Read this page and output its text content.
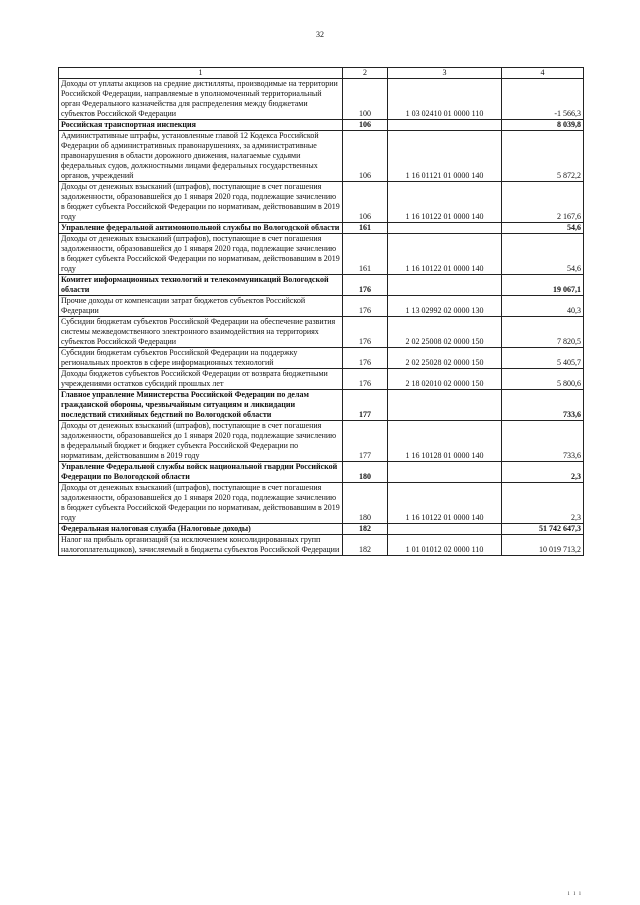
32
1	2	3	4
Доходы от уплаты акцизов на средние дистилляты, производимые на территории Российской Федерации, направляемые в уполномоченный территориальный орган Федерального казначейства для распределения между бюджетами субъектов Российской Федерации	100	1 03 02410 01 0000 110	-1 566,3
Российская транспортная инспекция	106		8 039,8
Административные штрафы, установленные главой 12 Кодекса Российской Федерации об административных правонарушениях, за административные правонарушения в области дорожного движения, налагаемые судьями федеральных судов, должностными лицами федеральных государственных органов, учреждений	106	1 16 01121 01 0000 140	5 872,2
Доходы от денежных взысканий (штрафов), поступающие в счет погашения задолженности, образовавшейся до 1 января 2020 года, подлежащие зачислению в бюджет субъекта Российской Федерации по нормативам, действовавшим в 2019 году	106	1 16 10122 01 0000 140	2 167,6
Управление федеральной антимонопольной службы по Вологодской области	161		54,6
Доходы от денежных взысканий (штрафов), поступающие в счет погашения задолженности, образовавшейся до 1 января 2020 года, подлежащие зачислению в бюджет субъекта Российской Федерации по нормативам, действовавшим в 2019 году	161	1 16 10122 01 0000 140	54,6
Комитет информационных технологий и телекоммуникаций Вологодской области	176		19 067,1
Прочие доходы от компенсации затрат бюджетов субъектов Российской Федерации	176	1 13 02992 02 0000 130	40,3
Субсидии бюджетам субъектов Российской Федерации на обеспечение развития системы межведомственного электронного взаимодействия на территориях субъектов Российской Федерации	176	2 02 25008 02 0000 150	7 820,5
Субсидии бюджетам субъектов Российской Федерации на поддержку региональных проектов в сфере информационных технологий	176	2 02 25028 02 0000 150	5 405,7
Доходы бюджетов субъектов Российской Федерации от возврата бюджетными учреждениями остатков субсидий прошлых лет	176	2 18 02010 02 0000 150	5 800,6
Главное управление Министерства Российской Федерации по делам гражданской обороны, чрезвычайным ситуациям и ликвидации последствий стихийных бедствий по Вологодской области	177		733,6
Доходы от денежных взысканий (штрафов), поступающие в счет погашения задолженности, образовавшейся до 1 января 2020 года, подлежащие зачислению в федеральный бюджет и бюджет субъекта Российской Федерации по нормативам, действовавшим в 2019 году	177	1 16 10128 01 0000 140	733,6
Управление Федеральной службы войск национальной гвардии Российской Федерации по Вологодской области	180		2,3
Доходы от денежных взысканий (штрафов), поступающие в счет погашения задолженности, образовавшейся до 1 января 2020 года, подлежащие зачислению в бюджет субъекта Российской Федерации по нормативам, действовавшим в 2019 году	180	1 16 10122 01 0000 140	2,3
Федеральная налоговая служба (Налоговые доходы)	182		51 742 647,3
Налог на прибыль организаций (за исключением консолидированных групп налогоплательщиков), зачисляемый в бюджеты субъектов Российской Федерации	182	1 01 01012 02 0000 110	10 019 713,2
ı ı ı
